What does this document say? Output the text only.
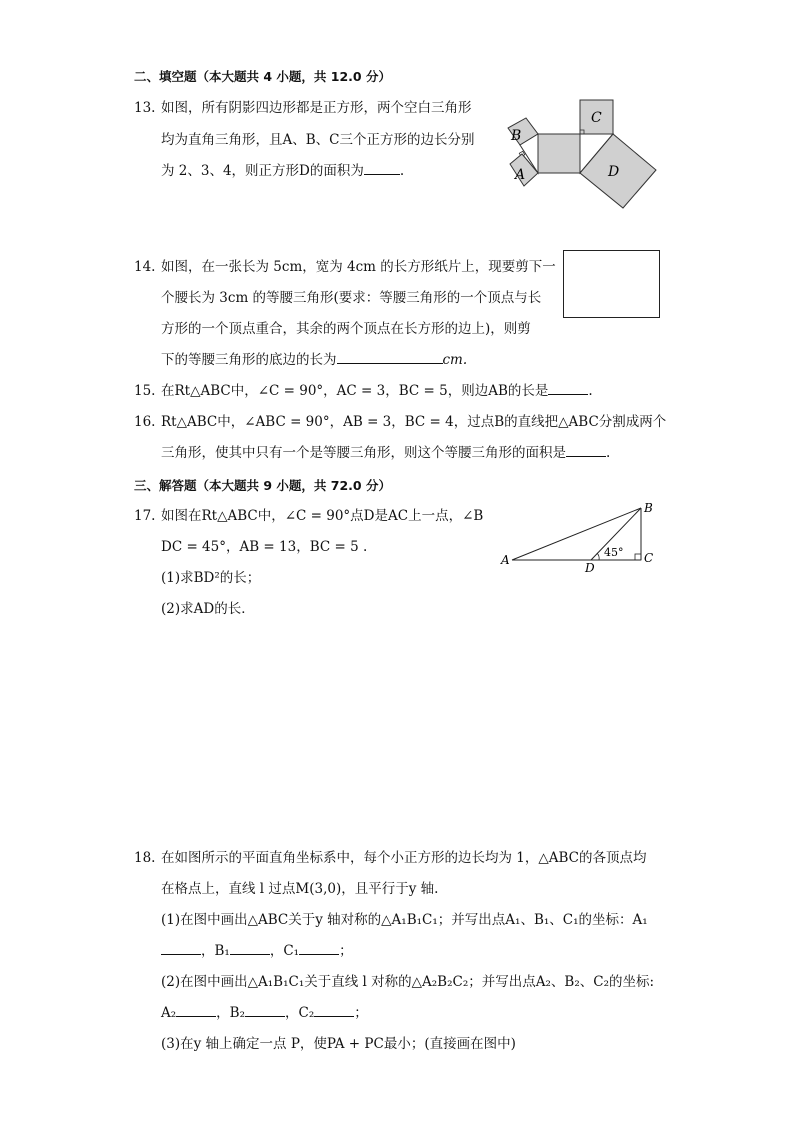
二、填空题（本大题共 4 小题，共 12.0 分）
13. 如图，所有阴影四边形都是正方形，两个空白三角形
均为直角三角形，且A、B、C三个正方形的边长分别
为 2、3、4，则正方形D的面积为	.
B
A
C
D
14. 如图，在一张长为 5cm，宽为 4cm 的长方形纸片上，现要剪下一
个腰长为 3cm 的等腰三角形(要求：等腰三角形的一个顶点与长
方形的一个顶点重合，其余的两个顶点在长方形的边上)，则剪
下的等腰三角形的底边的长为	cm.
15. 在Rt△ABC中，∠C = 90°，AC = 3，BC = 5，则边AB的长是	.
16. Rt△ABC中，∠ABC = 90°，AB = 3，BC = 4，过点B的直线把△ABC分割成两个
三角形，使其中只有一个是等腰三角形，则这个等腰三角形的面积是	.
三、解答题（本大题共 9 小题，共 72.0 分）
17. 如图在Rt△ABC中，∠C = 90°点D是AC上一点，∠B
DC = 45°，AB = 13，BC = 5 .
(1)求BD²的长；
(2)求AD的长．
A
B
C
D
45°
18. 在如图所示的平面直角坐标系中，每个小正方形的边长均为 1，△ABC的各顶点均
在格点上，直线 l 过点M(3,0)，且平行于y 轴.
(1)在图中画出△ABC关于y 轴对称的△A₁B₁C₁；并写出点A₁、B₁、C₁的坐标：A₁
，B₁	，C₁	；
(2)在图中画出△A₁B₁C₁关于直线 l 对称的△A₂B₂C₂；并写出点A₂、B₂、C₂的坐标:
A₂	，B₂	，C₂	；
(3)在y 轴上确定一点 P，使PA + PC最小；(直接画在图中)
